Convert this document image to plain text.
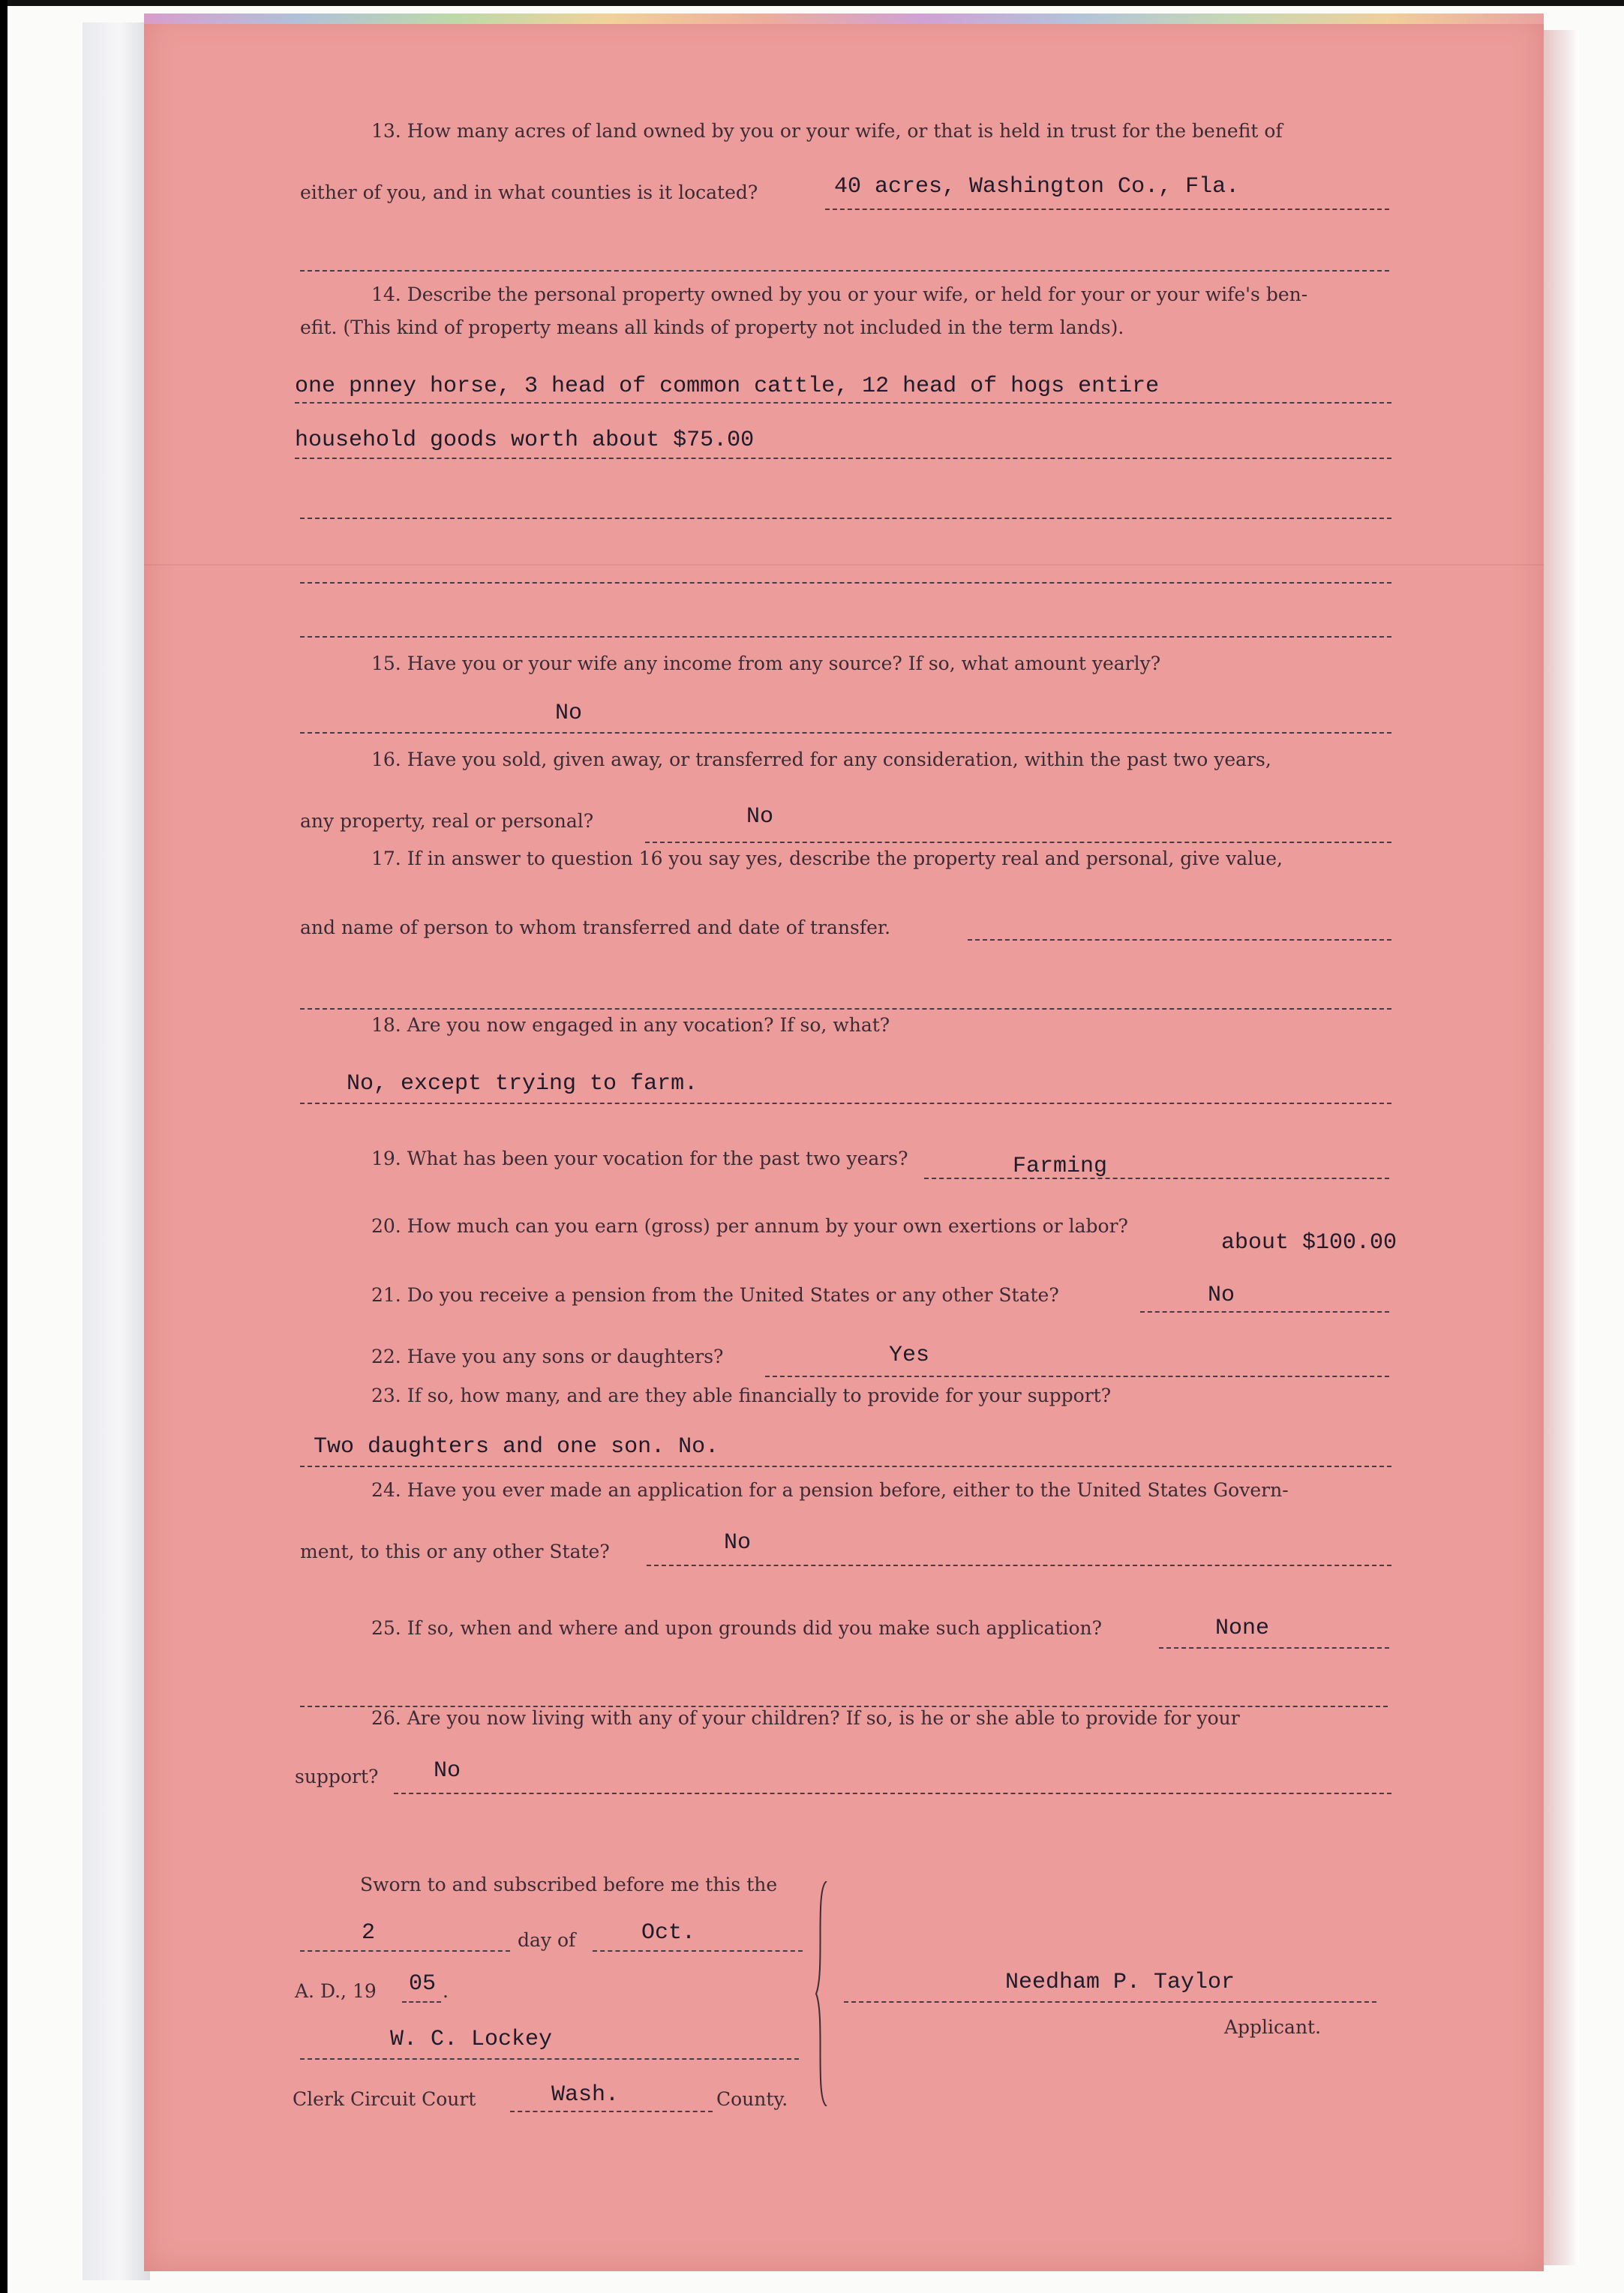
13. How many acres of land owned by you or your wife, or that is held in trust for the benefit of
either of you, and in what counties is it located?	40 acres, Washington Co., Fla.
14. Describe the personal property owned by you or your wife, or held for your or your wife's ben-
efit. (This kind of property means all kinds of property not included in the term lands).
one pnney horse, 3 head of common cattle, 12 head of hogs entire
household goods worth about $75.00
15. Have you or your wife any income from any source? If so, what amount yearly?
No
16. Have you sold, given away, or transferred for any consideration, within the past two years,
any property, real or personal?	No
17. If in answer to question 16 you say yes, describe the property real and personal, give value,
and name of person to whom transferred and date of transfer.
18. Are you now engaged in any vocation? If so, what?
No, except trying to farm.
19. What has been your vocation for the past two years?	Farming
20. How much can you earn (gross) per annum by your own exertions or labor?
about $100.00
21. Do you receive a pension from the United States or any other State?	No
22. Have you any sons or daughters?	Yes
23. If so, how many, and are they able financially to provide for your support?
Two daughters and one son. No.
24. Have you ever made an application for a pension before, either to the United States Govern-
ment, to this or any other State?	No
25. If so, when and where and upon grounds did you make such application?	None
26. Are you now living with any of your children? If so, is he or she able to provide for your
support? No
Sworn to and subscribed before me this the
2	day of	Oct.
A. D., 19 05 .
W. C. Lockey
Clerk Circuit Court	Wash.	County.
Needham P. Taylor
Applicant.
